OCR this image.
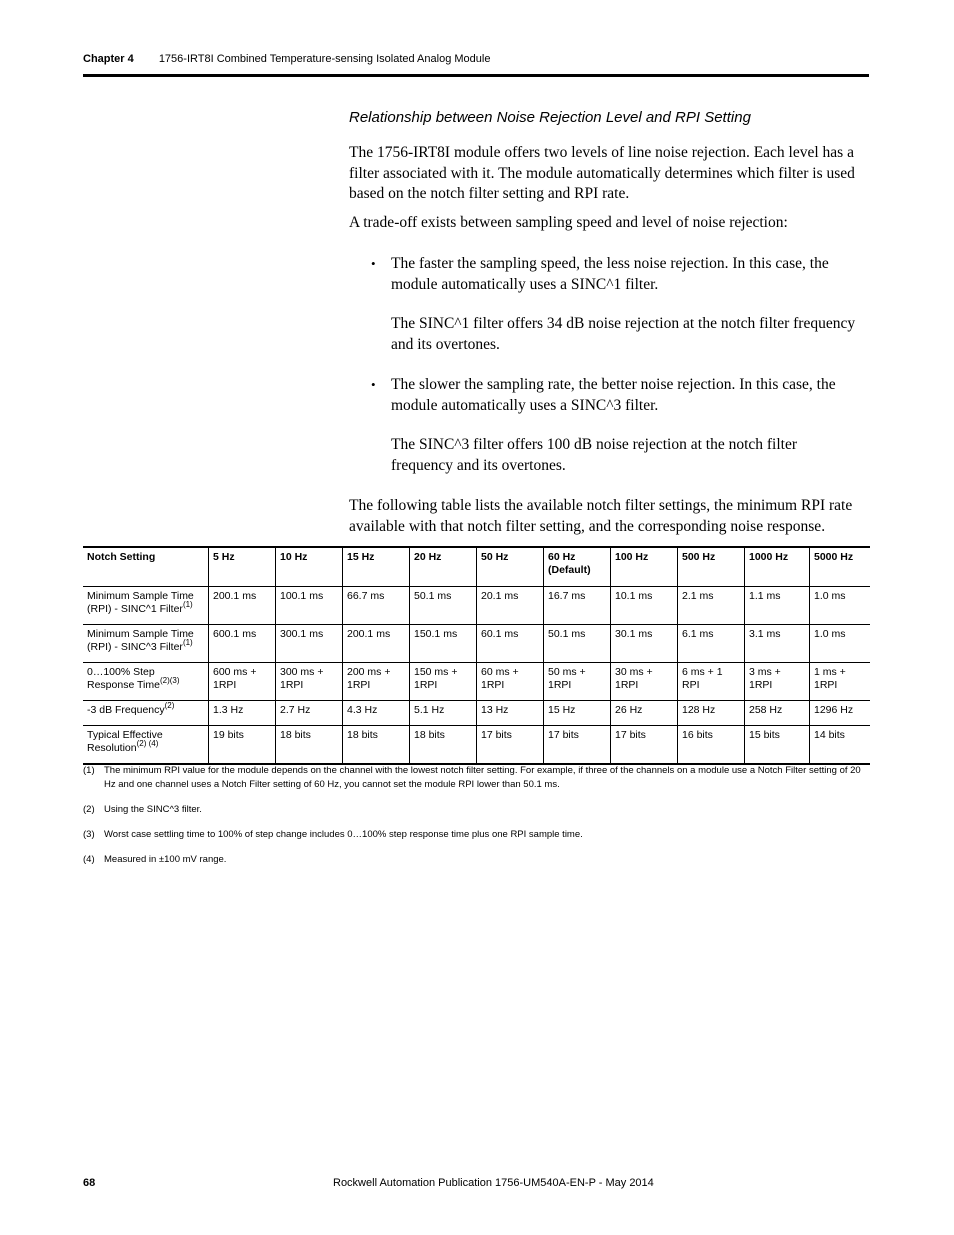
Chapter 4 1756-IRT8I Combined Temperature-sensing Isolated Analog Module
Relationship between Noise Rejection Level and RPI Setting

The 1756-IRT8I module offers two levels of line noise rejection. Each level has a filter associated with it. The module automatically determines which filter is used based on the notch filter setting and RPI rate.

A trade-off exists between sampling speed and level of noise rejection:

• The faster the sampling speed, the less noise rejection. In this case, the module automatically uses a SINC^1 filter.
The SINC^1 filter offers 34 dB noise rejection at the notch filter frequency and its overtones.
• The slower the sampling rate, the better noise rejection. In this case, the module automatically uses a SINC^3 filter.
The SINC^3 filter offers 100 dB noise rejection at the notch filter frequency and its overtones.

The following table lists the available notch filter settings, the minimum RPI rate available with that notch filter setting, and the corresponding noise response.

Notch Setting	5 Hz	10 Hz	15 Hz	20 Hz	50 Hz	60 Hz (Default)	100 Hz	500 Hz	1000 Hz	5000 Hz
Minimum Sample Time (RPI) - SINC^1 Filter$^{(1)}$	200.1 ms	100.1 ms	66.7 ms	50.1 ms	20.1 ms	16.7 ms	10.1 ms	2.1 ms	1.1 ms	1.0 ms
Minimum Sample Time (RPI) - SINC^3 Filter$^{(1)}$	600.1 ms	300.1 ms	200.1 ms	150.1 ms	60.1 ms	50.1 ms	30.1 ms	6.1 ms	3.1 ms	1.0 ms
0…100% Step Response Time$^{(2)(3)}$	600 ms + 1RPI	300 ms + 1RPI	200 ms + 1RPI	150 ms + 1RPI	60 ms + 1RPI	50 ms + 1RPI	30 ms + 1RPI	6 ms + 1 RPI	3 ms + 1RPI	1 ms + 1RPI
-3 dB Frequency$^{(2)}$	1.3 Hz	2.7 Hz	4.3 Hz	5.1 Hz	13 Hz	15 Hz	26 Hz	128 Hz	258 Hz	1296 Hz
Typical Effective Resolution$^{(2) (4)}$	19 bits	18 bits	18 bits	18 bits	17 bits	17 bits	17 bits	16 bits	15 bits	14 bits
(1) The minimum RPI value for the module depends on the channel with the lowest notch filter setting. For example, if three of the channels on a module use a Notch Filter setting of 20 Hz and one channel uses a Notch Filter setting of 60 Hz, you cannot set the module RPI lower than 50.1 ms.
(2) Using the SINC^3 filter.
(3) Worst case settling time to 100% of step change includes 0…100% step response time plus one RPI sample time.
(4) Measured in ±100 mV range.
68	Rockwell Automation Publication 1756-UM540A-EN-P - May 2014
